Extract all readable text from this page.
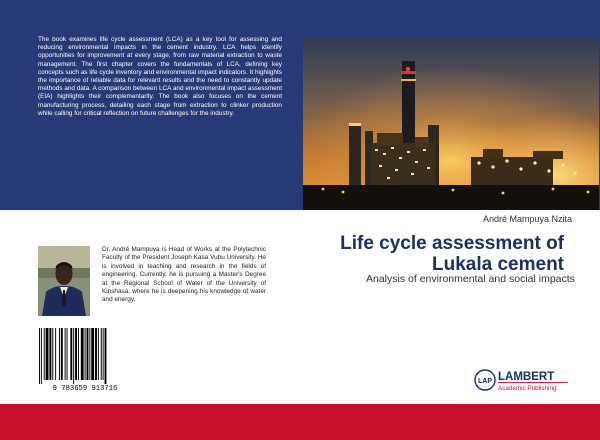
The book examines life cycle assessment (LCA) as a key tool for assessing and reducing environmental impacts in the cement industry. LCA helps identify opportunities for improvement at every stage, from raw material extraction to waste management. The first chapter covers the fundamentals of LCA, defining key concepts such as life cycle inventory and environmental impact indicators. It highlights the importance of reliable data for relevant results and the need to constantly update methods and data. A comparison between LCA and environmental impact assessment (EIA) highlights their complementarity. The book also focuses on the cement manufacturing process, detailing each stage from extraction to clinker production while calling for critical reflection on future challenges for the industry.

André Mampuya Nzita

Life cycle assessment of
Lukala cement

Analysis of environmental and social impacts

Dr. André Mampuya is Head of Works at the Polytechnic Faculty of the President Joseph Kasa Vubu University. He is involved in teaching and research in the fields of engineering. Currently, he is pursuing a Master's Degree at the Regional School of Water of the University of Kinshasa, where he is deepening his knowledge of water and energy.

9 783659 913716
LAP LAMBERT
Academic Publishing
